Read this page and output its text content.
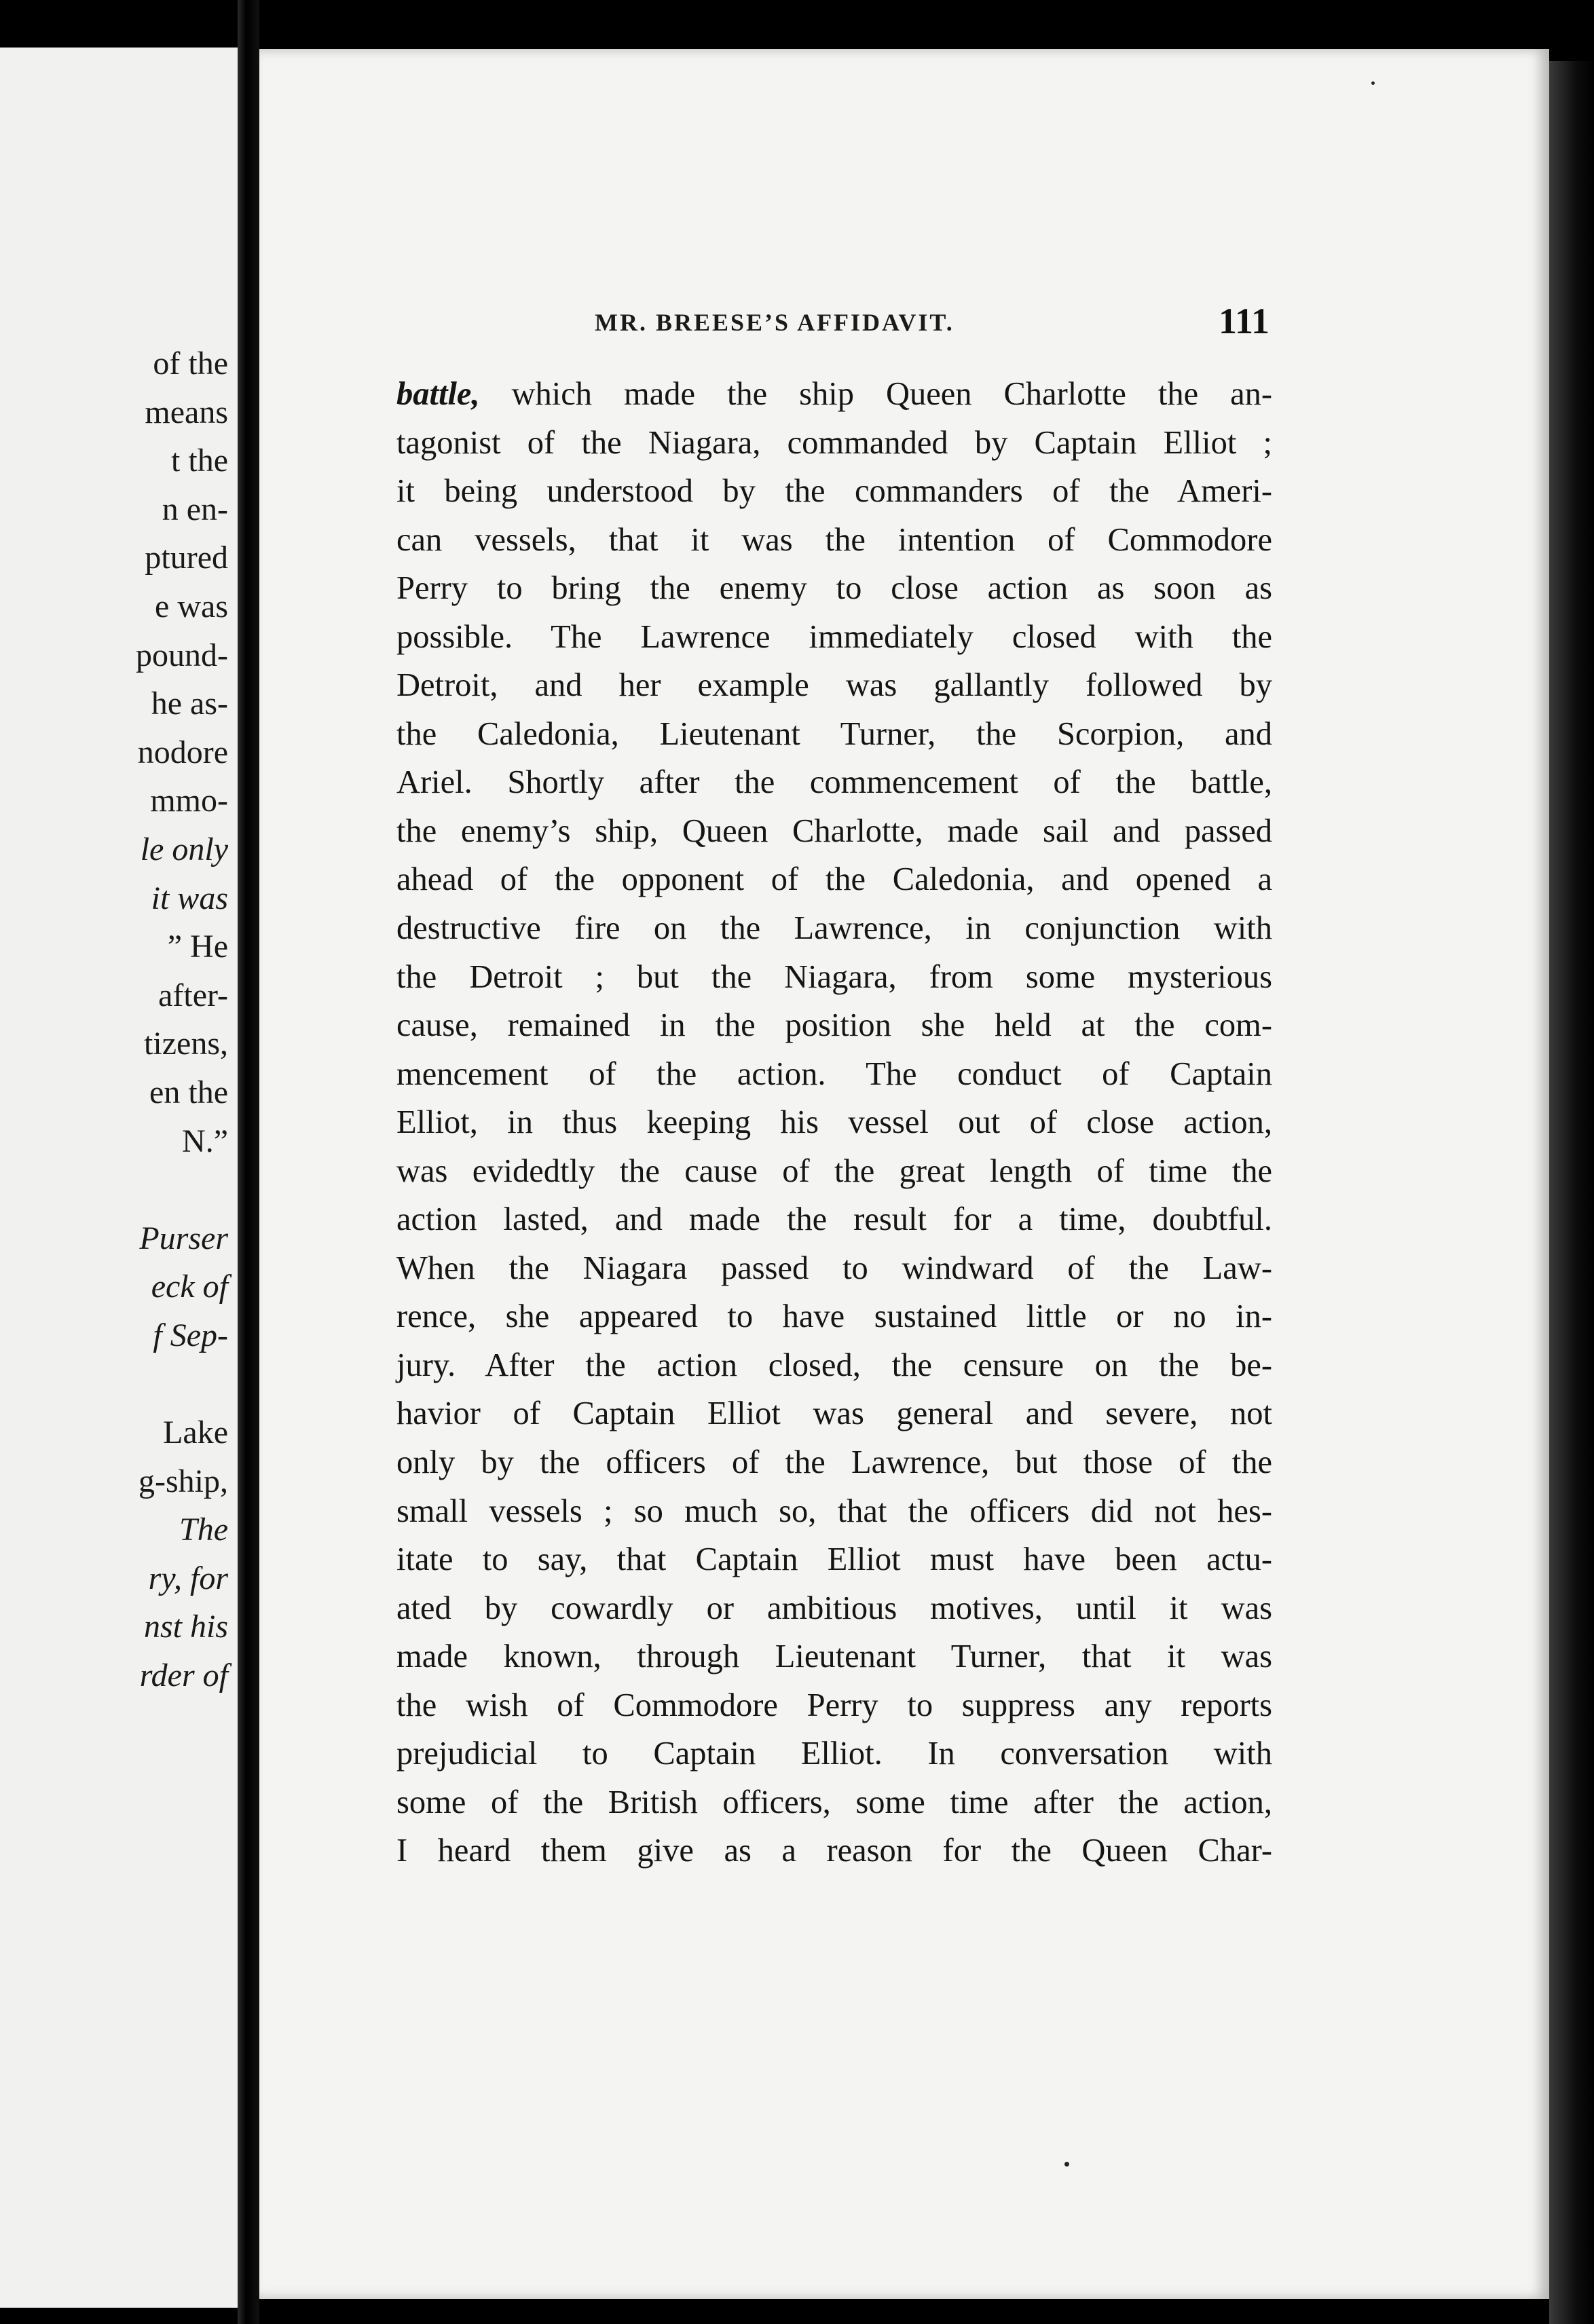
of the
means
t the
n en-
ptured
e was
pound-
he as-
nodore
mmo-
le only
it was
” He
after-
tizens,
en the
N.”
Purser
eck of
f Sep-
Lake
g-ship,
The
ry, for
nst his
rder of
MR. BREESE’S AFFIDAVIT.	111
battle, which made the ship Queen Charlotte the an-
tagonist of the Niagara, commanded by Captain Elliot ;
it being understood by the commanders of the Ameri-
can vessels, that it was the intention of Commodore
Perry to bring the enemy to close action as soon as
possible. The Lawrence immediately closed with the
Detroit, and her example was gallantly followed by
the Caledonia, Lieutenant Turner, the Scorpion, and
Ariel. Shortly after the commencement of the battle,
the enemy’s ship, Queen Charlotte, made sail and passed
ahead of the opponent of the Caledonia, and opened a
destructive fire on the Lawrence, in conjunction with
the Detroit ; but the Niagara, from some mysterious
cause, remained in the position she held at the com-
mencement of the action. The conduct of Captain
Elliot, in thus keeping his vessel out of close action,
was evidedtly the cause of the great length of time the
action lasted, and made the result for a time, doubtful.
When the Niagara passed to windward of the Law-
rence, she appeared to have sustained little or no in-
jury. After the action closed, the censure on the be-
havior of Captain Elliot was general and severe, not
only by the officers of the Lawrence, but those of the
small vessels ; so much so, that the officers did not hes-
itate to say, that Captain Elliot must have been actu-
ated by cowardly or ambitious motives, until it was
made known, through Lieutenant Turner, that it was
the wish of Commodore Perry to suppress any reports
prejudicial to Captain Elliot. In conversation with
some of the British officers, some time after the action,
I heard them give as a reason for the Queen Char-
